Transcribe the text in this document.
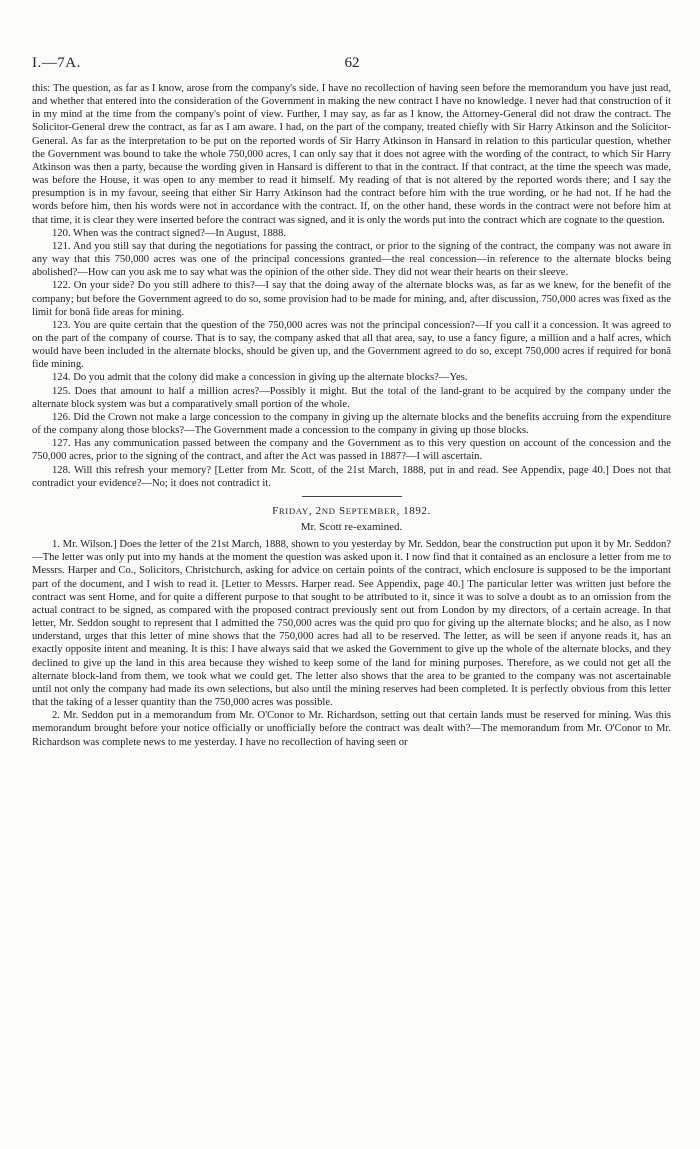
I.—7A.	62

this: The question, as far as I know, arose from the company's side. I have no recollection of having seen before the memorandum you have just read, and whether that entered into the consideration of the Government in making the new contract I have no knowledge. I never had that construction of it in my mind at the time from the company's point of view. Further, I may say, as far as I know, the Attorney-General did not draw the contract. The Solicitor-General drew the contract, as far as I am aware. I had, on the part of the company, treated chiefly with Sir Harry Atkinson and the Solicitor-General. As far as the interpretation to be put on the reported words of Sir Harry Atkinson in Hansard in relation to this particular question, whether the Government was bound to take the whole 750,000 acres, I can only say that it does not agree with the wording of the contract, to which Sir Harry Atkinson was then a party, because the wording given in Hansard is different to that in the contract. If that contract, at the time the speech was made, was before the House, it was open to any member to read it himself. My reading of that is not altered by the reported words there; and I say the presumption is in my favour, seeing that either Sir Harry Atkinson had the contract before him with the true wording, or he had not. If he had the words before him, then his words were not in accordance with the contract. If, on the other hand, these words in the contract were not before him at that time, it is clear they were inserted before the contract was signed, and it is only the words put into the contract which are cognate to the question.

120. When was the contract signed?—In August, 1888.

121. And you still say that during the negotiations for passing the contract, or prior to the signing of the contract, the company was not aware in any way that this 750,000 acres was one of the principal concessions granted—the real concession—in reference to the alternate blocks being abolished?—How can you ask me to say what was the opinion of the other side. They did not wear their hearts on their sleeve.

122. On your side? Do you still adhere to this?—I say that the doing away of the alternate blocks was, as far as we knew, for the benefit of the company; but before the Government agreed to do so, some provision had to be made for mining, and, after discussion, 750,000 acres was fixed as the limit for bonâ fide areas for mining.

123. You are quite certain that the question of the 750,000 acres was not the principal concession?—If you call it a concession. It was agreed to on the part of the company of course. That is to say, the company asked that all that area, say, to use a fancy figure, a million and a half acres, which would have been included in the alternate blocks, should be given up, and the Government agreed to do so, except 750,000 acres if required for bonâ fide mining.

124. Do you admit that the colony did make a concession in giving up the alternate blocks?—Yes.

125. Does that amount to half a million acres?—Possibly it might. But the total of the land-grant to be acquired by the company under the alternate block system was but a comparatively small portion of the whole.

126. Did the Crown not make a large concession to the company in giving up the alternate blocks and the benefits accruing from the expenditure of the company along those blocks?—The Government made a concession to the company in giving up those blocks.

127. Has any communication passed between the company and the Government as to this very question on account of the concession and the 750,000 acres, prior to the signing of the contract, and after the Act was passed in 1887?—I will ascertain.

128. Will this refresh your memory? [Letter from Mr. Scott, of the 21st March, 1888, put in and read. See Appendix, page 40.] Does not that contradict your evidence?—No; it does not contradict it.

FRIDAY, 2ND SEPTEMBER, 1892.
Mr. Scott re-examined.

1. Mr. Wilson.] Does the letter of the 21st March, 1888, shown to you yesterday by Mr. Seddon, bear the construction put upon it by Mr. Seddon?—The letter was only put into my hands at the moment the question was asked upon it. I now find that it contained as an enclosure a letter from me to Messrs. Harper and Co., Solicitors, Christchurch, asking for advice on certain points of the contract, which enclosure is supposed to be the important part of the document, and I wish to read it. [Letter to Messrs. Harper read. See Appendix, page 40.] The particular letter was written just before the contract was sent Home, and for quite a different purpose to that sought to be attributed to it, since it was to solve a doubt as to an omission from the actual contract to be signed, as compared with the proposed contract previously sent out from London by my directors, of a certain acreage. In that letter, Mr. Seddon sought to represent that I admitted the 750,000 acres was the quid pro quo for giving up the alternate blocks; and he also, as I now understand, urges that this letter of mine shows that the 750,000 acres had all to be reserved. The letter, as will be seen if anyone reads it, has an exactly opposite intent and meaning. It is this: I have always said that we asked the Government to give up the whole of the alternate blocks, and they declined to give up the land in this area because they wished to keep some of the land for mining purposes. Therefore, as we could not get all the alternate block-land from them, we took what we could get. The letter also shows that the area to be granted to the company was not ascertainable until not only the company had made its own selections, but also until the mining reserves had been completed. It is perfectly obvious from this letter that the taking of a lesser quantity than the 750,000 acres was possible.

2. Mr. Seddon put in a memorandum from Mr. O'Conor to Mr. Richardson, setting out that certain lands must be reserved for mining. Was this memorandum brought before your notice officially or unofficially before the contract was dealt with?—The memorandum from Mr. O'Conor to Mr. Richardson was complete news to me yesterday. I have no recollection of having seen or
